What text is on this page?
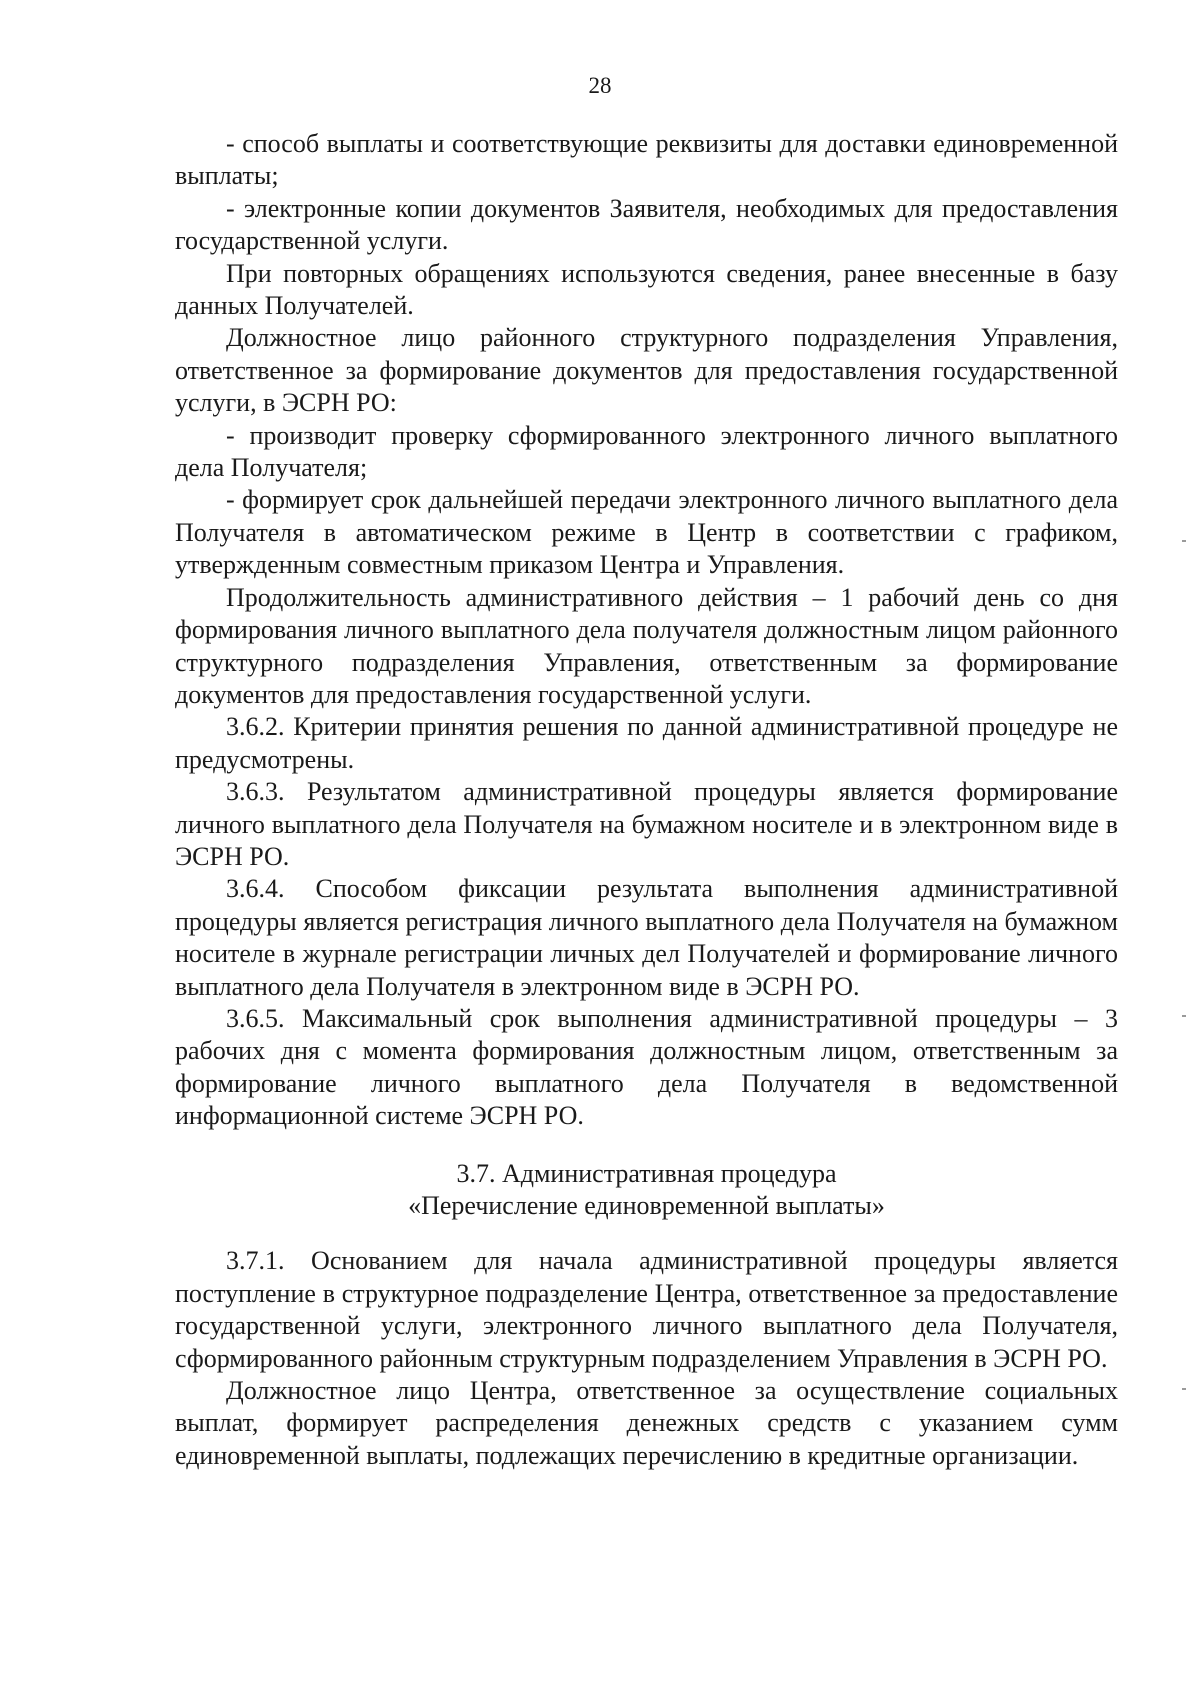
28

- способ выплаты и соответствующие реквизиты для доставки единовременной выплаты;

- электронные копии документов Заявителя, необходимых для предоставления государственной услуги.

При повторных обращениях используются сведения, ранее внесенные в базу данных Получателей.

Должностное лицо районного структурного подразделения Управления, ответственное за формирование документов для предоставления государственной услуги, в ЭСРН РО:

- производит проверку сформированного электронного личного выплатного дела Получателя;

- формирует срок дальнейшей передачи электронного личного выплатного дела Получателя в автоматическом режиме в Центр в соответствии с графиком, утвержденным совместным приказом Центра и Управления.

Продолжительность административного действия – 1 рабочий день со дня формирования личного выплатного дела получателя должностным лицом районного структурного подразделения Управления, ответственным за формирование документов для предоставления государственной услуги.

3.6.2. Критерии принятия решения по данной административной процедуре не предусмотрены.

3.6.3. Результатом административной процедуры является формирование личного выплатного дела Получателя на бумажном носителе и в электронном виде в ЭСРН РО.

3.6.4. Способом фиксации результата выполнения административной процедуры является регистрация личного выплатного дела Получателя на бумажном носителе в журнале регистрации личных дел Получателей и формирование личного выплатного дела Получателя в электронном виде в ЭСРН РО.

3.6.5. Максимальный срок выполнения административной процедуры – 3 рабочих дня с момента формирования должностным лицом, ответственным за формирование личного выплатного дела Получателя в ведомственной информационной системе ЭСРН РО.

3.7. Административная процедура
«Перечисление единовременной выплаты»

3.7.1. Основанием для начала административной процедуры является поступление в структурное подразделение Центра, ответственное за предоставление государственной услуги, электронного личного выплатного дела Получателя, сформированного районным структурным подразделением Управления в ЭСРН РО.

Должностное лицо Центра, ответственное за осуществление социальных выплат, формирует распределения денежных средств с указанием сумм единовременной выплаты, подлежащих перечислению в кредитные организации.
